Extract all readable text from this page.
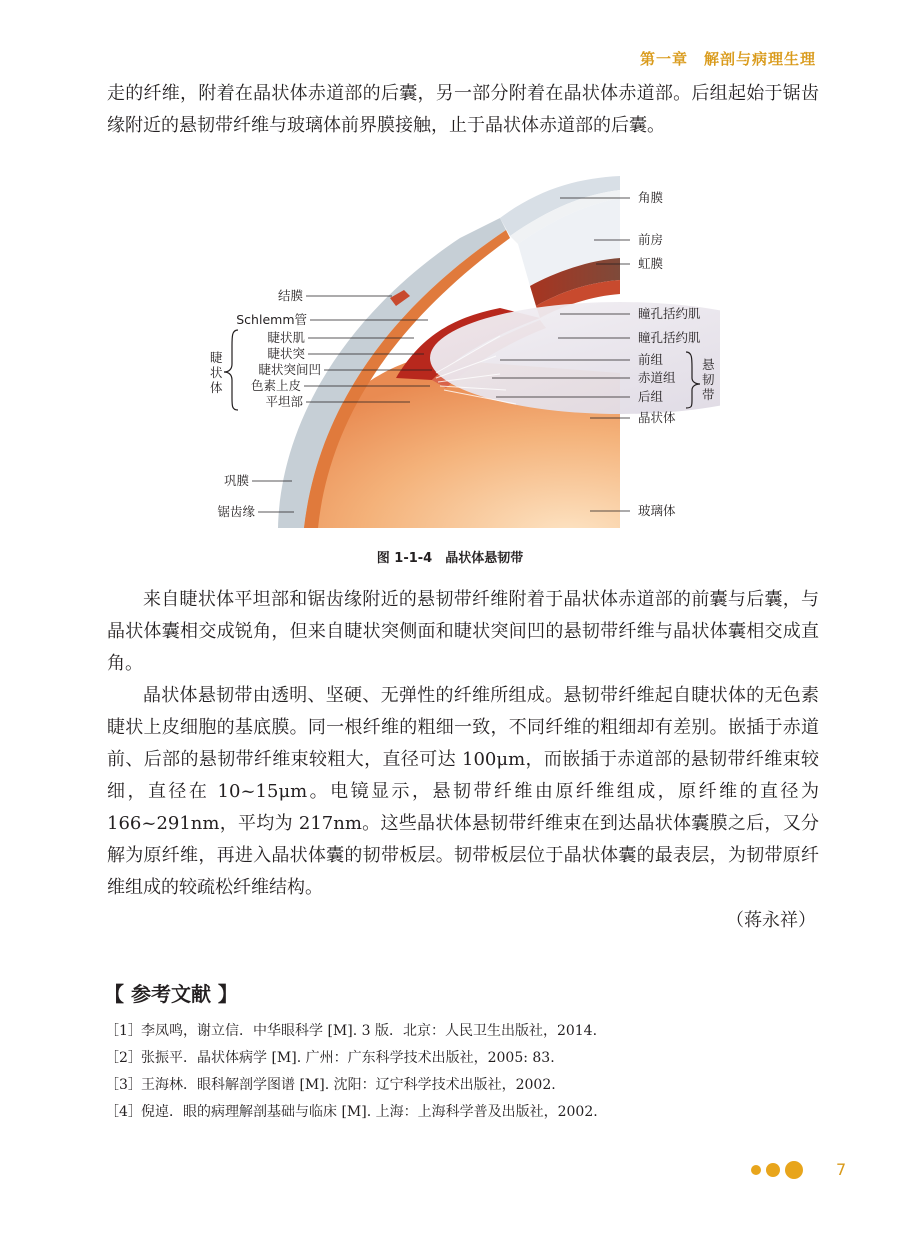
第一章　解剖与病理生理

走的纤维，附着在晶状体赤道部的后囊，另一部分附着在晶状体赤道部。后组起始于锯齿缘附近的悬韧带纤维与玻璃体前界膜接触，止于晶状体赤道部的后囊。

角膜
前房
虹膜
瞳孔括约肌
瞳孔括约肌
前组
赤道组
后组
晶状体
玻璃体
悬韧带
结膜
Schlemm管
睫状肌
睫状突
睫状突间凹
色素上皮
平坦部
睫状体
巩膜
锯齿缘
图 1-1-4　晶状体悬韧带

来自睫状体平坦部和锯齿缘附近的悬韧带纤维附着于晶状体赤道部的前囊与后囊，与晶状体囊相交成锐角，但来自睫状突侧面和睫状突间凹的悬韧带纤维与晶状体囊相交成直角。

晶状体悬韧带由透明、坚硬、无弹性的纤维所组成。悬韧带纤维起自睫状体的无色素睫状上皮细胞的基底膜。同一根纤维的粗细一致，不同纤维的粗细却有差别。嵌插于赤道前、后部的悬韧带纤维束较粗大，直径可达 100μm，而嵌插于赤道部的悬韧带纤维束较细，直径在 10~15μm。电镜显示，悬韧带纤维由原纤维组成，原纤维的直径为 166~291nm，平均为 217nm。这些晶状体悬韧带纤维束在到达晶状体囊膜之后，又分解为原纤维，再进入晶状体囊的韧带板层。韧带板层位于晶状体囊的最表层，为韧带原纤维组成的较疏松纤维结构。

（蒋永祥）
【 参考文献 】
［1］李凤鸣，谢立信．中华眼科学 [M]. 3 版．北京：人民卫生出版社，2014.
［2］张振平．晶状体病学 [M]. 广州：广东科学技术出版社，2005: 83.
［3］王海林．眼科解剖学图谱 [M]. 沈阳：辽宁科学技术出版社，2002.
［4］倪逴．眼的病理解剖基础与临床 [M]. 上海：上海科学普及出版社，2002.
7
